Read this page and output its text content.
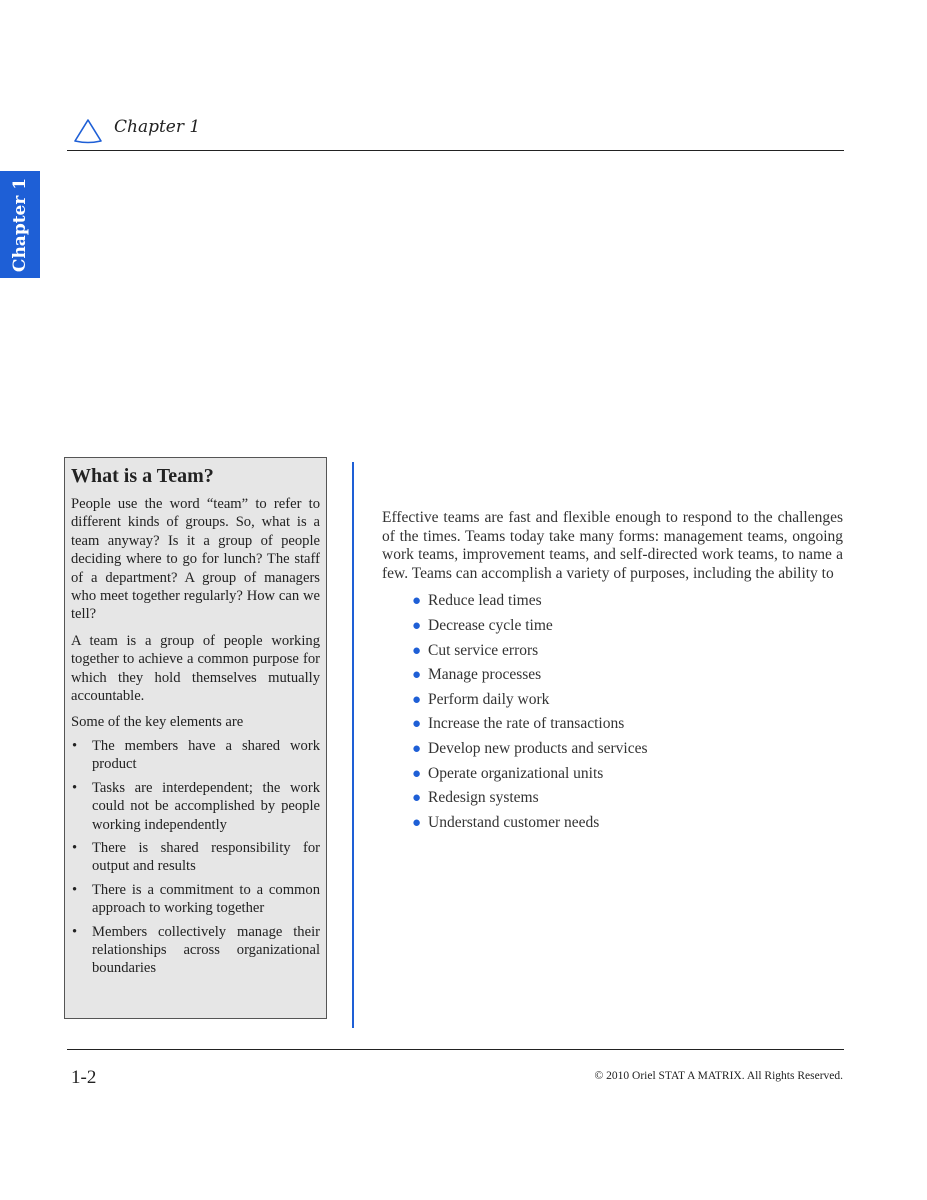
Chapter 1
Chapter 1
What is a Team?

People use the word “team” to refer to different kinds of groups. So, what is a team anyway? Is it a group of people deciding where to go for lunch? The staff of a department? A group of managers who meet together regularly? How can we tell?

A team is a group of people working together to achieve a common purpose for which they hold themselves mutually accountable.

Some of the key elements are

• The members have a shared work product
• Tasks are interdependent; the work could not be accomplished by people working independently
• There is shared responsibility for output and results
• There is a commitment to a common approach to working together
• Members collectively manage their relationships across organizational boundaries

Effective teams are fast and flexible enough to respond to the challenges of the times. Teams today take many forms: management teams, ongoing work teams, improvement teams, and self-directed work teams, to name a few. Teams can accomplish a variety of purposes, including the ability to

● Reduce lead times
● Decrease cycle time
● Cut service errors
● Manage processes
● Perform daily work
● Increase the rate of transactions
● Develop new products and services
● Operate organizational units
● Redesign systems
● Understand customer needs
1-2	© 2010 Oriel STAT A MATRIX. All Rights Reserved.
